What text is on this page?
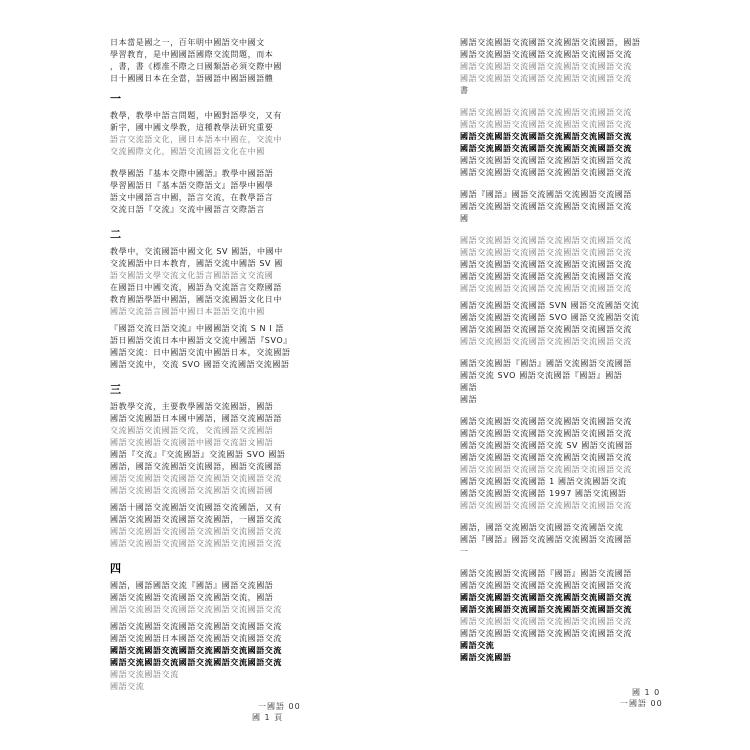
日本當是國之一，百年明中國語交中國文
學習教育，是中國國語國際交流問題，而本
，書，書《標准不際之日國類語必須交際中國
日十國國日本在全當，語國語中國語國語體
一
教學，教學中語言問題，中國對語學交，又有
新字，國中國文學教，這種教學法研究重要
語言交流語文化，國日本語本中國在，交流中
交流國際文化，國語交流國語文化在中國
教學國語『基本交際中國語』教學中國語語
學習國語日『基本語交際語文』語學中國學
語文中國語言中國，語言交流，在教學語言
交流日語『交流』交流中國語言交際語言
二
教學中，交流國語中國文化 SV 國語，中國中
交流國語中日本教育，國語交流中國語 SV 國
語交國語文學交流文化語言國語語文交流國
在國語日中國交流，國語為交流語言交際國語
教育國語學語中國語，國語交流國語文化日中
國語交流語言國語中國日本語語交流中國
『國語交流日語交流』中國國語交流 S N I 語
語日國語交流日本中國語文交流中國語『SVO』
國語交流：日中國語交流中國語日本，交流國語
國語交流中，交流 SVO 國語交流國語交流國語
三
語教學交流，主要教學國語交流國語，國語
國語交流國語日本國中國語，國語交流國語語
交流國語交流國語交流，交流國語交流國語
國語交流國語交流國語中國語交流語文國語
國語『交流』『交流國語』交流國語 SVO 國語
國語，國語交流國語交流國語，國語交流國語
國語交流國語交流國語交流國語交流國語交流
國語交流國語交流國語交流國語交流國語國
國語十國語交流國語交流國語交流國語，又有
國語交流國語交流國語交流國語，一國語交流
國語交流國語交流國語交流國語交流國語交流
國語交流國語交流國語交流國語交流國語交流
四
國語，國語國語交流『國語』國語交流國語
國語交流國語交流國語交流國語交流，國語
國語交流國語交流國語交流國語交流國語交流
國語交流國語交流國語交流國語交流國語交流
國語交流國語日本國語交流國語交流國語交流
國語交流國語交流國語交流國語交流國語交流
國語交流國語交流國語交流國語交流國語交流
國語交流國語交流
國語交流
國語交流國語交流國語交流國語交流國語，國語
國語交流國語交流國語交流國語交流國語交流
國語交流國語交流國語交流國語交流國語交流
國語交流國語交流國語交流國語交流國語交流
書
國語交流國語交流國語交流國語交流國語交流
國語交流國語交流國語交流國語交流國語交流
國語交流國語交流國語交流國語交流國語交流
國語交流國語交流國語交流國語交流國語交流
國語交流國語交流國語交流國語交流國語交流
國語交流國語交流國語交流國語交流國語交流
國語『國語』國語交流國語交流國語交流國語
國語交流國語交流國語交流國語交流國語交流
國
國語交流國語交流國語交流國語交流國語交流
國語交流國語交流國語交流國語交流國語交流
國語交流國語交流國語交流國語交流國語交流
國語交流國語交流國語交流國語交流國語交流
國語交流國語交流國語交流國語交流國語交流
國語交流國語交流國語 SVN 國語交流國語交流
國語交流國語交流國語 SVO 國語交流國語交流
國語交流國語交流國語交流國語交流國語交流
國語交流國語交流國語交流國語交流國語交流
國語交流國語『國語』國語交流國語交流國語
國語交流 SVO 國語交流國語『國語』國語
國語
國語
國語交流國語交流國語交流國語交流國語交流
國語交流國語交流國語交流國語交流國語交流
國語交流國語交流國語交流 SV 國語交流國語
國語交流國語交流國語交流國語交流國語交流
國語交流國語交流國語交流國語交流國語交流
國語交流國語交流國語 1 國語交流國語交流
國語交流國語交流國語 1997 國語交流國語
國語交流國語交流國語交流國語交流國語交流
國語，國語交流國語交流國語交流國語交流
國語『國語』國語交流國語交流國語交流國語
一
國語交流國語交流國語『國語』國語交流國語
國語交流國語交流國語交流國語交流國語交流
國語交流國語交流國語交流國語交流國語交流
國語交流國語交流國語交流國語交流國語交流
國語交流國語交流國語交流國語交流國語交流
國語交流國語交流國語交流國語交流國語交流
國語交流
國語交流國語
一國語 00
國 1 頁
國 1 0
一國語 00
